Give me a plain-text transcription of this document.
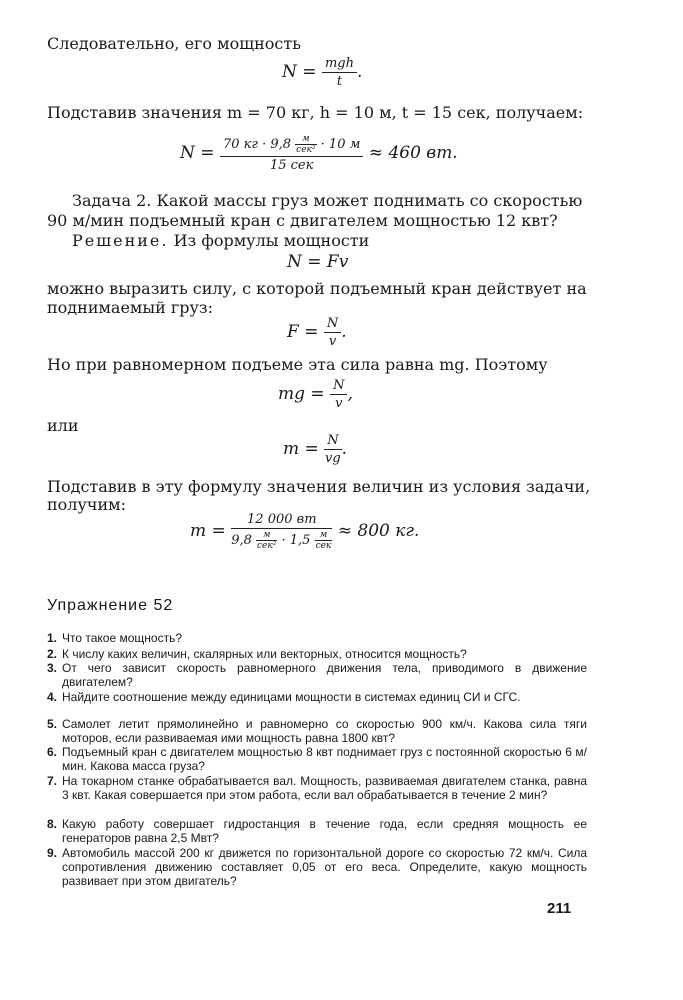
Следовательно, его мощность
$N = \frac{\text{mgh}}{t}$ .
Подставив значения m = 70 кг, h = 10 м, t = 15 сек, получаем:
$N = \frac{70 кг \cdot 9,8 \frac{м}{\text{сек²}} \cdot 10 м}{\text{15 сек}} \approx 460$ вт.
Задача 2. Какой массы груз может поднимать со скоростью
90 м/мин подъемный кран с двигателем мощностью 12 квт?
Решение. Из формулы мощности
N = Fv
можно выразить силу, с которой подъемный кран действует на
поднимаемый груз:
$F = \frac{N}{v}$ .
Но при равномерном подъеме эта сила равна mg. Поэтому
mg = $\frac{N}{v}$ ,
или
$m = \frac{N}{vg}$ .
Подставив в эту формулу значения величин из условия задачи,
получим:
$m = \frac{12 000 вт}{9,8 \frac{м}{\text{сек²}} \cdot 1,5 \frac{м}{\text{сек}}} \approx 800$ кг.
Упражнение 52
1. Что такое мощность?
2. К числу каких величин, скалярных или векторных, относится мощность?
3. От чего зависит скорость равномерного движения тела, приводимого в движение двигателем?
4. Найдите соотношение между единицами мощности в системах единиц СИ и СГС.
5. Самолет летит прямолинейно и равномерно со скоростью 900 км/ч. Какова сила тяги моторов, если развиваемая ими мощность равна 1800 квт?
6. Подъемный кран с двигателем мощностью 8 квт поднимает груз с постоянной скоростью 6 м/мин. Какова масса груза?
7. На токарном станке обрабатывается вал. Мощность, развиваемая двигателем станка, равна 3 квт. Какая совершается при этом работа, если вал обрабатывается в течение 2 мин?
8. Какую работу совершает гидростанция в течение года, если средняя мощность ее генераторов равна 2,5 Мвт?
9. Автомобиль массой 200 кг движется по горизонтальной дороге со скоростью 72 км/ч. Сила сопротивления движению составляет 0,05 от его веса. Определите, какую мощность развивает при этом двигатель?
211
